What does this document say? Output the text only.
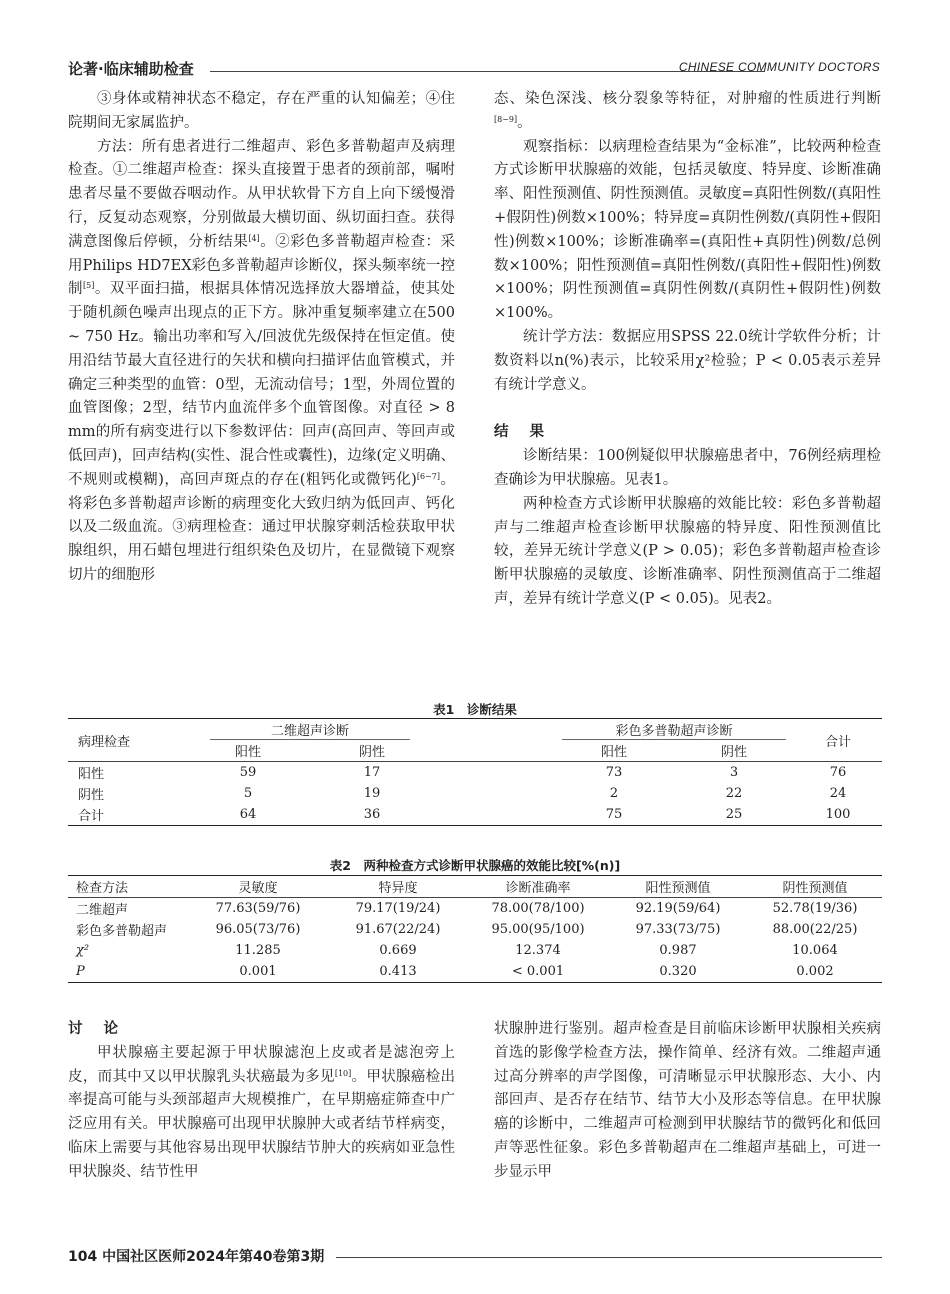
论著·临床辅助检查	CHINESE COMMUNITY DOCTORS

③身体或精神状态不稳定，存在严重的认知偏差；④住院期间无家属监护。

方法：所有患者进行二维超声、彩色多普勒超声及病理检查。①二维超声检查：探头直接置于患者的颈前部，嘱咐患者尽量不要做吞咽动作。从甲状软骨下方自上向下缓慢滑行，反复动态观察，分别做最大横切面、纵切面扫查。获得满意图像后停顿，分析结果[4]。②彩色多普勒超声检查：采用Philips HD7EX彩色多普勒超声诊断仪，探头频率统一控制[5]。双平面扫描，根据具体情况选择放大器增益，使其处于随机颜色噪声出现点的正下方。脉冲重复频率建立在500 ~ 750 Hz。输出功率和写入/回波优先级保持在恒定值。使用沿结节最大直径进行的矢状和横向扫描评估血管模式，并确定三种类型的血管：0型，无流动信号；1型，外周位置的血管图像；2型，结节内血流伴多个血管图像。对直径 > 8 mm的所有病变进行以下参数评估：回声(高回声、等回声或低回声)，回声结构(实性、混合性或囊性)，边缘(定义明确、不规则或模糊)，高回声斑点的存在(粗钙化或微钙化)[6−7]。将彩色多普勒超声诊断的病理变化大致归纳为低回声、钙化以及二级血流。③病理检查：通过甲状腺穿刺活检获取甲状腺组织，用石蜡包埋进行组织染色及切片，在显微镜下观察切片的细胞形

态、染色深浅、核分裂象等特征，对肿瘤的性质进行判断[8−9]。

观察指标：以病理检查结果为“金标准”，比较两种检查方式诊断甲状腺癌的效能，包括灵敏度、特异度、诊断准确率、阳性预测值、阴性预测值。灵敏度=真阳性例数/(真阳性+假阴性)例数×100%；特异度=真阴性例数/(真阴性+假阳性)例数×100%；诊断准确率=(真阳性+真阴性)例数/总例数×100%；阳性预测值=真阳性例数/(真阳性+假阳性)例数×100%；阴性预测值=真阴性例数/(真阴性+假阴性)例数×100%。

统计学方法：数据应用SPSS 22.0统计学软件分析；计数资料以n(%)表示，比较采用χ²检验；P < 0.05表示差异有统计学意义。

结 果

诊断结果：100例疑似甲状腺癌患者中，76例经病理检查确诊为甲状腺癌。见表1。

两种检查方式诊断甲状腺癌的效能比较：彩色多普勒超声与二维超声检查诊断甲状腺癌的特异度、阳性预测值比较，差异无统计学意义(P > 0.05)；彩色多普勒超声检查诊断甲状腺癌的灵敏度、诊断准确率、阴性预测值高于二维超声，差异有统计学意义(P < 0.05)。见表2。

表1　诊断结果
病理检查	二维超声诊断			彩色多普勒超声诊断		合计
	阳性	阴性		阳性	阴性	
阳性	59	17		73	3	76
阴性	5	19		2	22	24
合计	64	36		75	25	100
表2　两种检查方式诊断甲状腺癌的效能比较[%(n)]
检查方法	灵敏度	特异度	诊断准确率	阳性预测值	阴性预测值
二维超声	77.63(59/76)	79.17(19/24)	78.00(78/100)	92.19(59/64)	52.78(19/36)
彩色多普勒超声	96.05(73/76)	91.67(22/24)	95.00(95/100)	97.33(73/75)	88.00(22/25)
χ²	11.285	0.669	12.374	0.987	10.064
P	0.001	0.413	< 0.001	0.320	0.002
讨 论

甲状腺癌主要起源于甲状腺滤泡上皮或者是滤泡旁上皮，而其中又以甲状腺乳头状癌最为多见[10]。甲状腺癌检出率提高可能与头颈部超声大规模推广，在早期癌症筛查中广泛应用有关。甲状腺癌可出现甲状腺肿大或者结节样病变，临床上需要与其他容易出现甲状腺结节肿大的疾病如亚急性甲状腺炎、结节性甲

状腺肿进行鉴别。超声检查是目前临床诊断甲状腺相关疾病首选的影像学检查方法，操作简单、经济有效。二维超声通过高分辨率的声学图像，可清晰显示甲状腺形态、大小、内部回声、是否存在结节、结节大小及形态等信息。在甲状腺癌的诊断中，二维超声可检测到甲状腺结节的微钙化和低回声等恶性征象。彩色多普勒超声在二维超声基础上，可进一步显示甲

104 中国社区医师2024年第40卷第3期
